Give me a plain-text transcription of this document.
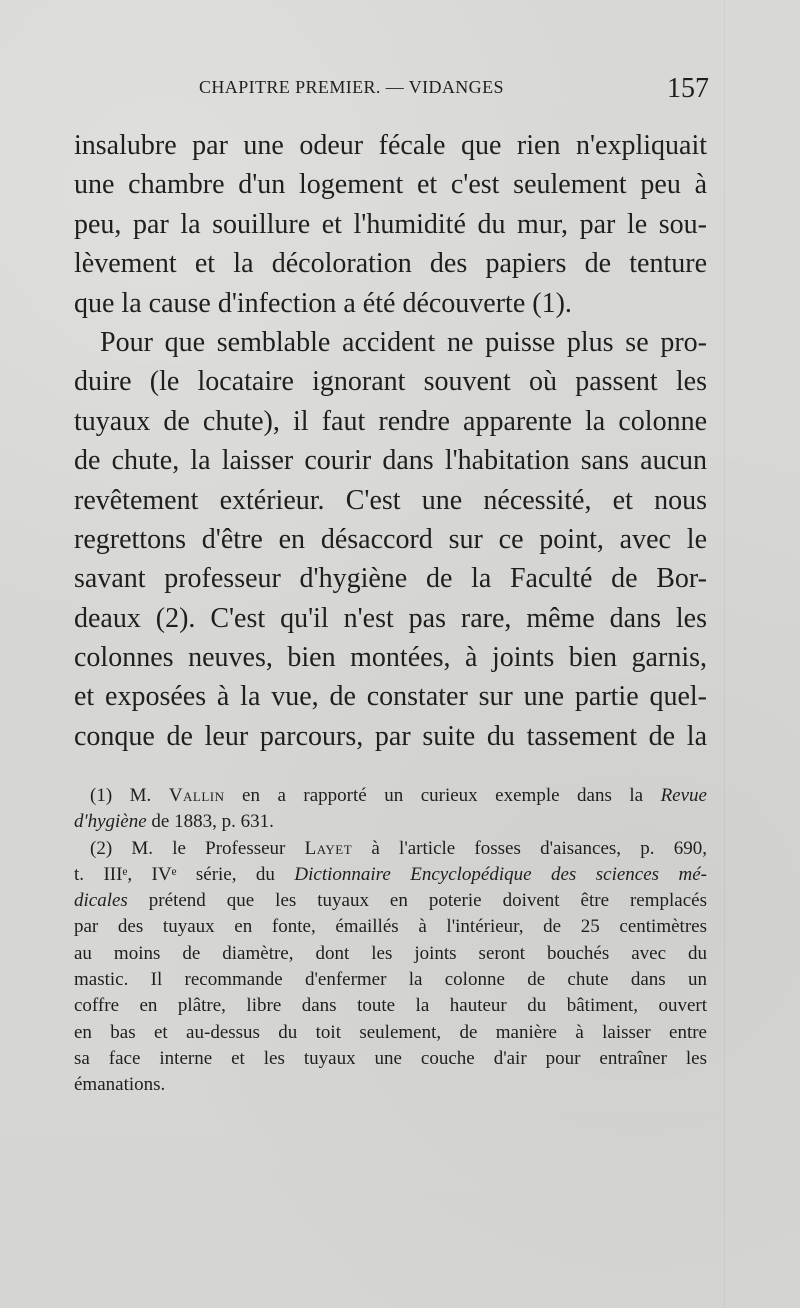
CHAPITRE PREMIER. — VIDANGES	157
insalubre par une odeur fécale que rien n'expliquait
une chambre d'un logement et c'est seulement peu à
peu, par la souillure et l'humidité du mur, par le sou-
lèvement et la décoloration des papiers de tenture
que la cause d'infection a été découverte (1).
Pour que semblable accident ne puisse plus se pro-
duire (le locataire ignorant souvent où passent les
tuyaux de chute), il faut rendre apparente la colonne
de chute, la laisser courir dans l'habitation sans aucun
revêtement extérieur. C'est une nécessité, et nous
regrettons d'être en désaccord sur ce point, avec le
savant professeur d'hygiène de la Faculté de Bor-
deaux (2). C'est qu'il n'est pas rare, même dans les
colonnes neuves, bien montées, à joints bien garnis,
et exposées à la vue, de constater sur une partie quel-
conque de leur parcours, par suite du tassement de la
(1) M. Vallin en a rapporté un curieux exemple dans la Revue
d'hygiène de 1883, p. 631.
(2) M. le Professeur Layet à l'article fosses d'aisances, p. 690,
t. IIIᵉ, IVᵉ série, du Dictionnaire Encyclopédique des sciences mé-
dicales prétend que les tuyaux en poterie doivent être remplacés
par des tuyaux en fonte, émaillés à l'intérieur, de 25 centimètres
au moins de diamètre, dont les joints seront bouchés avec du
mastic. Il recommande d'enfermer la colonne de chute dans un
coffre en plâtre, libre dans toute la hauteur du bâtiment, ouvert
en bas et au-dessus du toit seulement, de manière à laisser entre
sa face interne et les tuyaux une couche d'air pour entraîner les
émanations.
